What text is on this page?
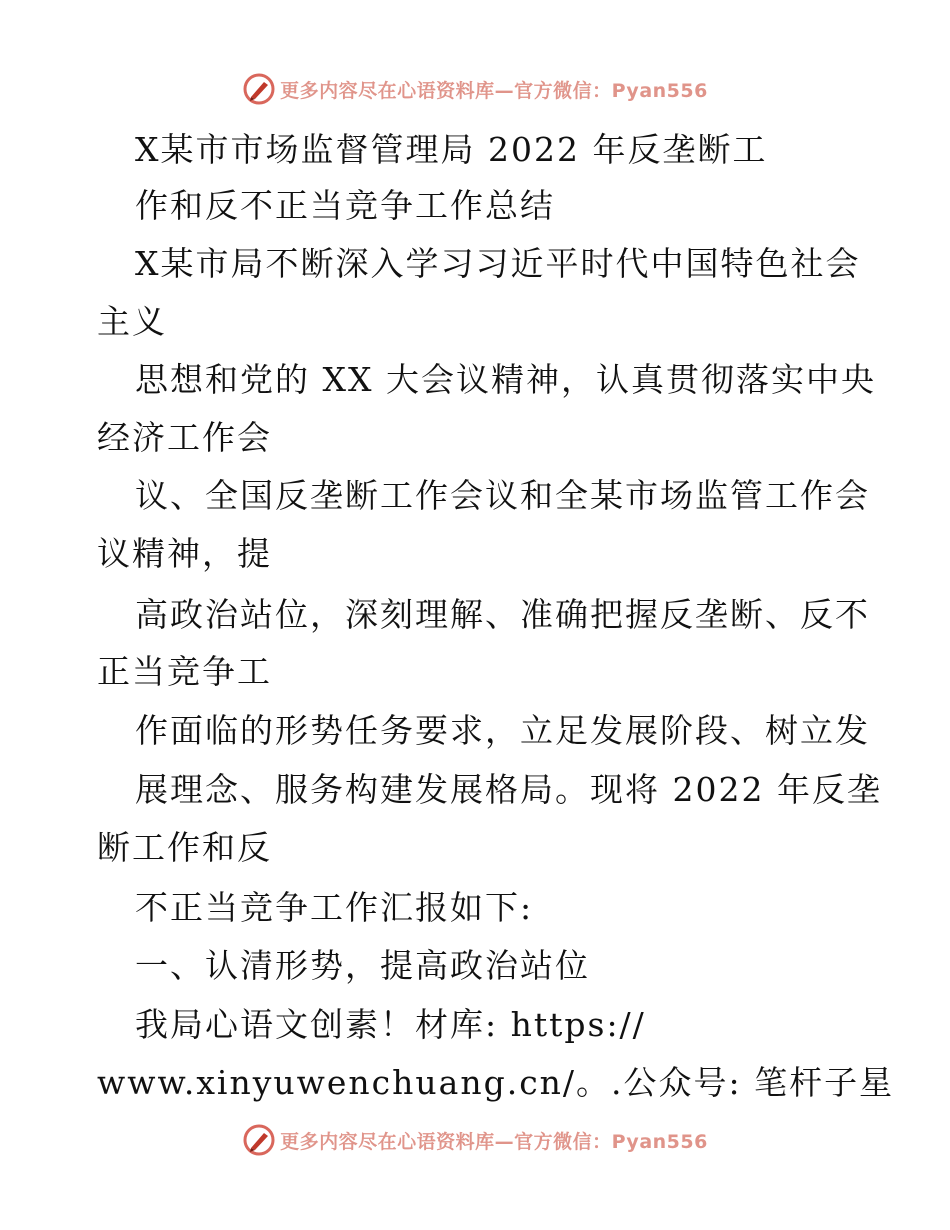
更多内容尽在心语资料库—官方微信：Pyan556
X某市市场监督管理局 2022 年反垄断工
作和反不正当竞争工作总结
X某市局不断深入学习习近平时代中国特色社会
主义
思想和党的 XX 大会议精神，认真贯彻落实中央
经济工作会
议、全国反垄断工作会议和全某市场监管工作会
议精神，提
高政治站位，深刻理解、准确把握反垄断、反不
正当竞争工
作面临的形势任务要求，立足发展阶段、树立发
展理念、服务构建发展格局。现将 2022 年反垄
断工作和反
不正当竞争工作汇报如下:
一、认清形势，提高政治站位
我局心语文创素！材库: https://
www.xinyuwenchuang.cn/。.公众号: 笔杆子星
更多内容尽在心语资料库—官方微信：Pyan556
